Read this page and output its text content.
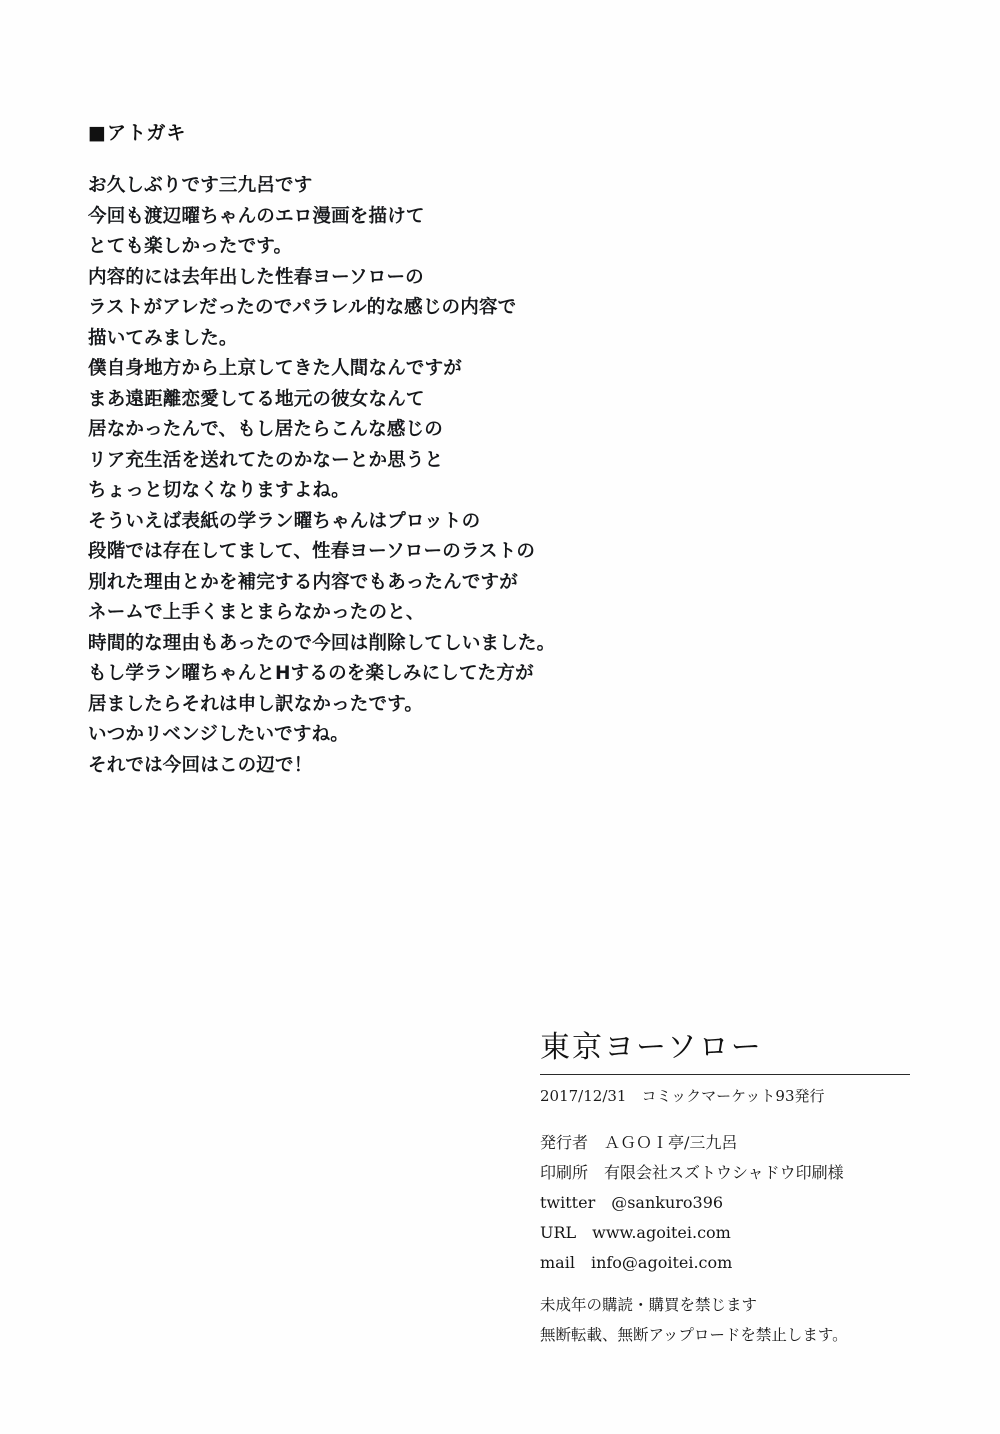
■アトガキ
お久しぶりです三九呂です
今回も渡辺曜ちゃんのエロ漫画を描けて
とても楽しかったです。
内容的には去年出した性春ヨーソローの
ラストがアレだったのでパラレル的な感じの内容で
描いてみました。
僕自身地方から上京してきた人間なんですが
まあ遠距離恋愛してる地元の彼女なんて
居なかったんで、もし居たらこんな感じの
リア充生活を送れてたのかなーとか思うと
ちょっと切なくなりますよね。
そういえば表紙の学ラン曜ちゃんはプロットの
段階では存在してまして、性春ヨーソローのラストの
別れた理由とかを補完する内容でもあったんですが
ネームで上手くまとまらなかったのと、
時間的な理由もあったので今回は削除してしいました。
もし学ラン曜ちゃんとHするのを楽しみにしてた方が
居ましたらそれは申し訳なかったです。
いつかリベンジしたいですね。
それでは今回はこの辺で！
東京ヨーソロー
2017/12/31　コミックマーケット93発行
発行者　ＡＧＯＩ亭/三九呂
印刷所　有限会社スズトウシャドウ印刷様
twitter　@sankuro396
URL　www.agoitei.com
mail　info@agoitei.com
未成年の購読・購買を禁じます
無断転載、無断アップロードを禁止します。
